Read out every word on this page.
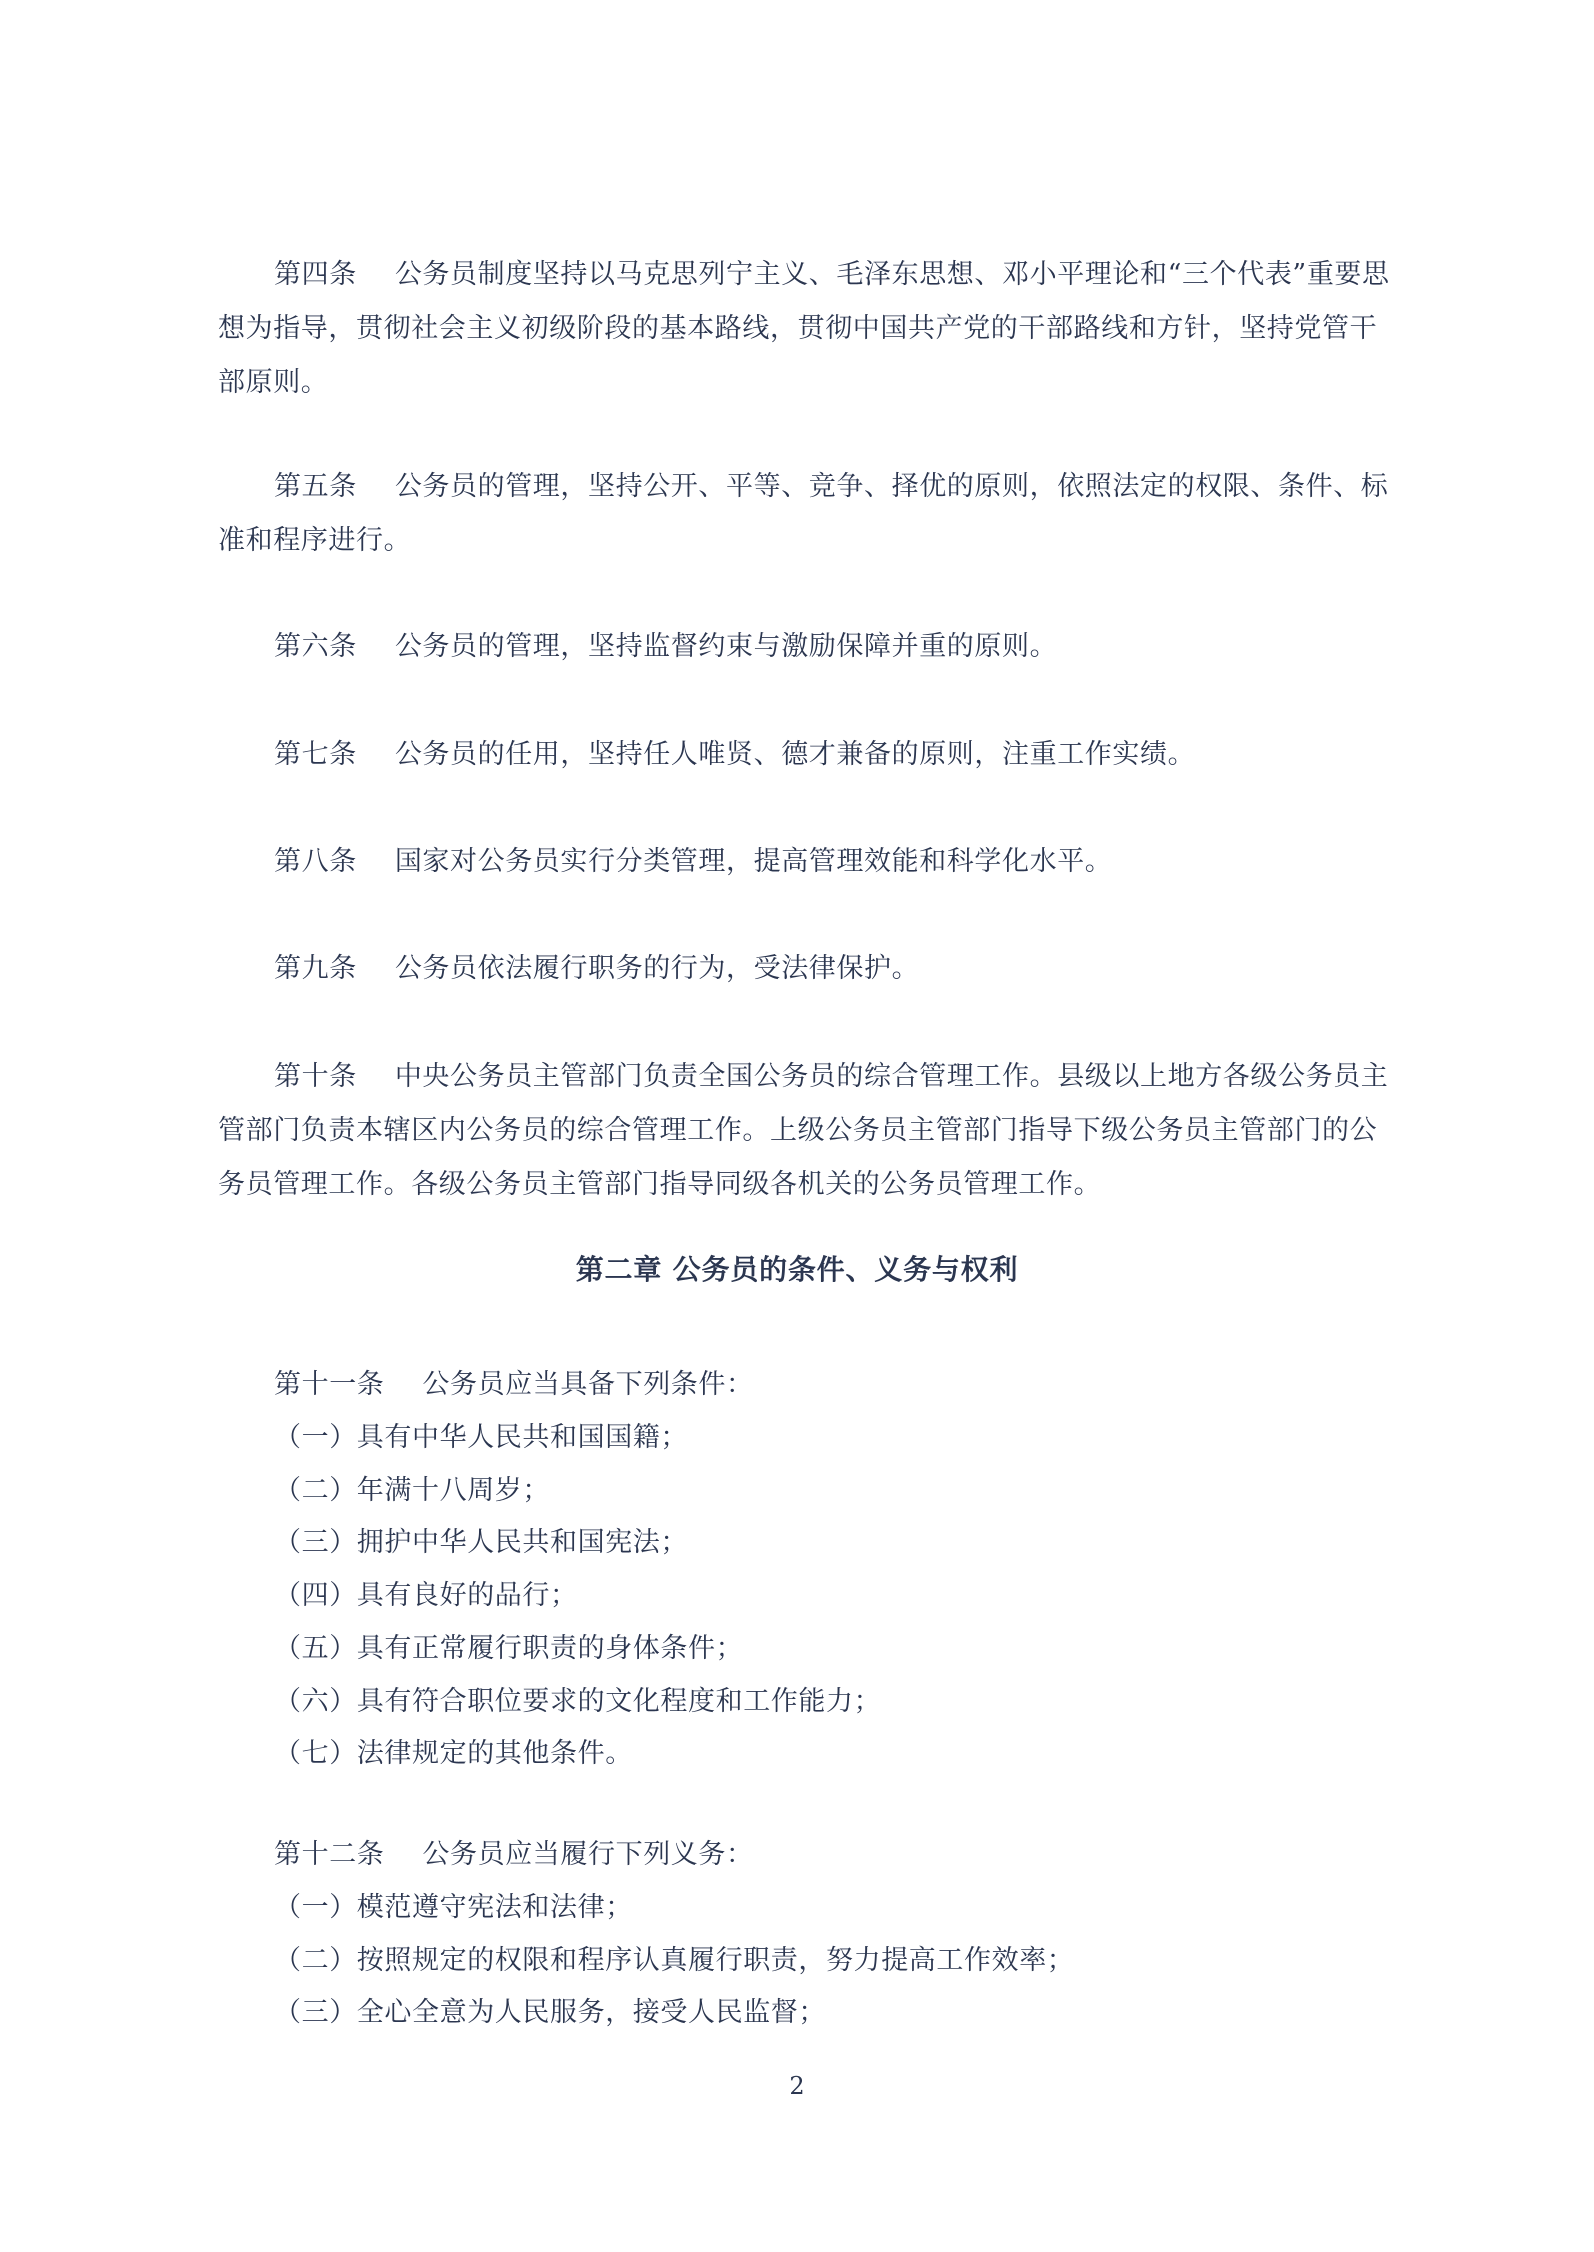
第四条 公务员制度坚持以马克思列宁主义、毛泽东思想、邓小平理论和“三个代表”重要思
想为指导，贯彻社会主义初级阶段的基本路线，贯彻中国共产党的干部路线和方针，坚持党管干
部原则。
第五条 公务员的管理，坚持公开、平等、竞争、择优的原则，依照法定的权限、条件、标
准和程序进行。
第六条 公务员的管理，坚持监督约束与激励保障并重的原则。
第七条 公务员的任用，坚持任人唯贤、德才兼备的原则，注重工作实绩。
第八条 国家对公务员实行分类管理，提高管理效能和科学化水平。
第九条 公务员依法履行职务的行为，受法律保护。
第十条 中央公务员主管部门负责全国公务员的综合管理工作。县级以上地方各级公务员主
管部门负责本辖区内公务员的综合管理工作。上级公务员主管部门指导下级公务员主管部门的公
务员管理工作。各级公务员主管部门指导同级各机关的公务员管理工作。
第二章 公务员的条件、义务与权利
第十一条 公务员应当具备下列条件：
（一）具有中华人民共和国国籍；
（二）年满十八周岁；
（三）拥护中华人民共和国宪法；
（四）具有良好的品行；
（五）具有正常履行职责的身体条件；
（六）具有符合职位要求的文化程度和工作能力；
（七）法律规定的其他条件。
第十二条 公务员应当履行下列义务：
（一）模范遵守宪法和法律；
（二）按照规定的权限和程序认真履行职责，努力提高工作效率；
（三）全心全意为人民服务，接受人民监督；
2
